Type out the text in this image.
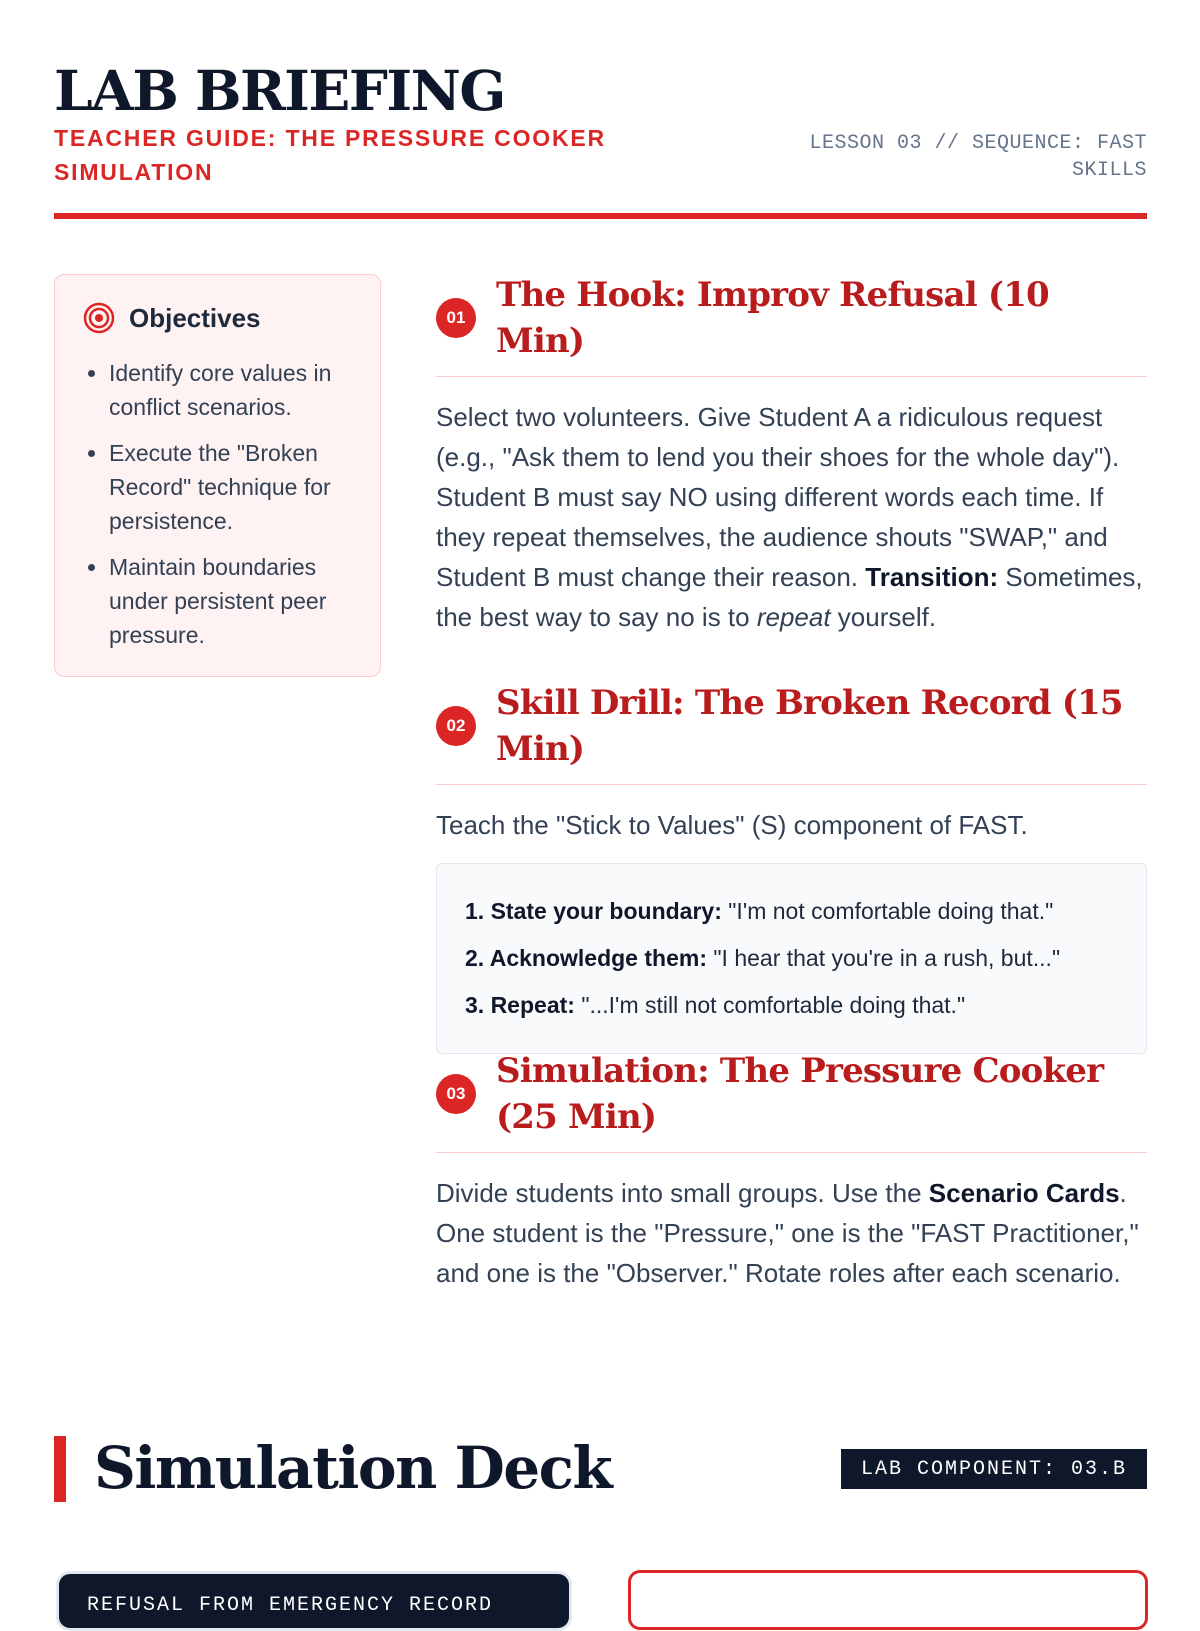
LAB BRIEFING
TEACHER GUIDE: THE PRESSURE COOKER SIMULATION
LESSON 03 // SEQUENCE: FAST SKILLS
Objectives
• Identify core values in conflict scenarios.
• Execute the "Broken Record" technique for persistence.
• Maintain boundaries under persistent peer pressure.
01
The Hook: Improv Refusal (10 Min)

Select two volunteers. Give Student A a ridiculous request (e.g., "Ask them to lend you their shoes for the whole day"). Student B must say NO using different words each time. If they repeat themselves, the audience shouts "SWAP," and Student B must change their reason. Transition: Sometimes, the best way to say no is to repeat yourself.

02
Skill Drill: The Broken Record (15 Min)

Teach the "Stick to Values" (S) component of FAST.

1. State your boundary: "I'm not comfortable doing that."
2. Acknowledge them: "I hear that you're in a rush, but..."
3. Repeat: "...I'm still not comfortable doing that."
03
Simulation: The Pressure Cooker (25 Min)

Divide students into small groups. Use the Scenario Cards. One student is the "Pressure," one is the "FAST Practitioner," and one is the "Observer." Rotate roles after each scenario.

Simulation Deck	LAB COMPONENT: 03.B
REFUSAL FROM EMERGENCY RECORD
